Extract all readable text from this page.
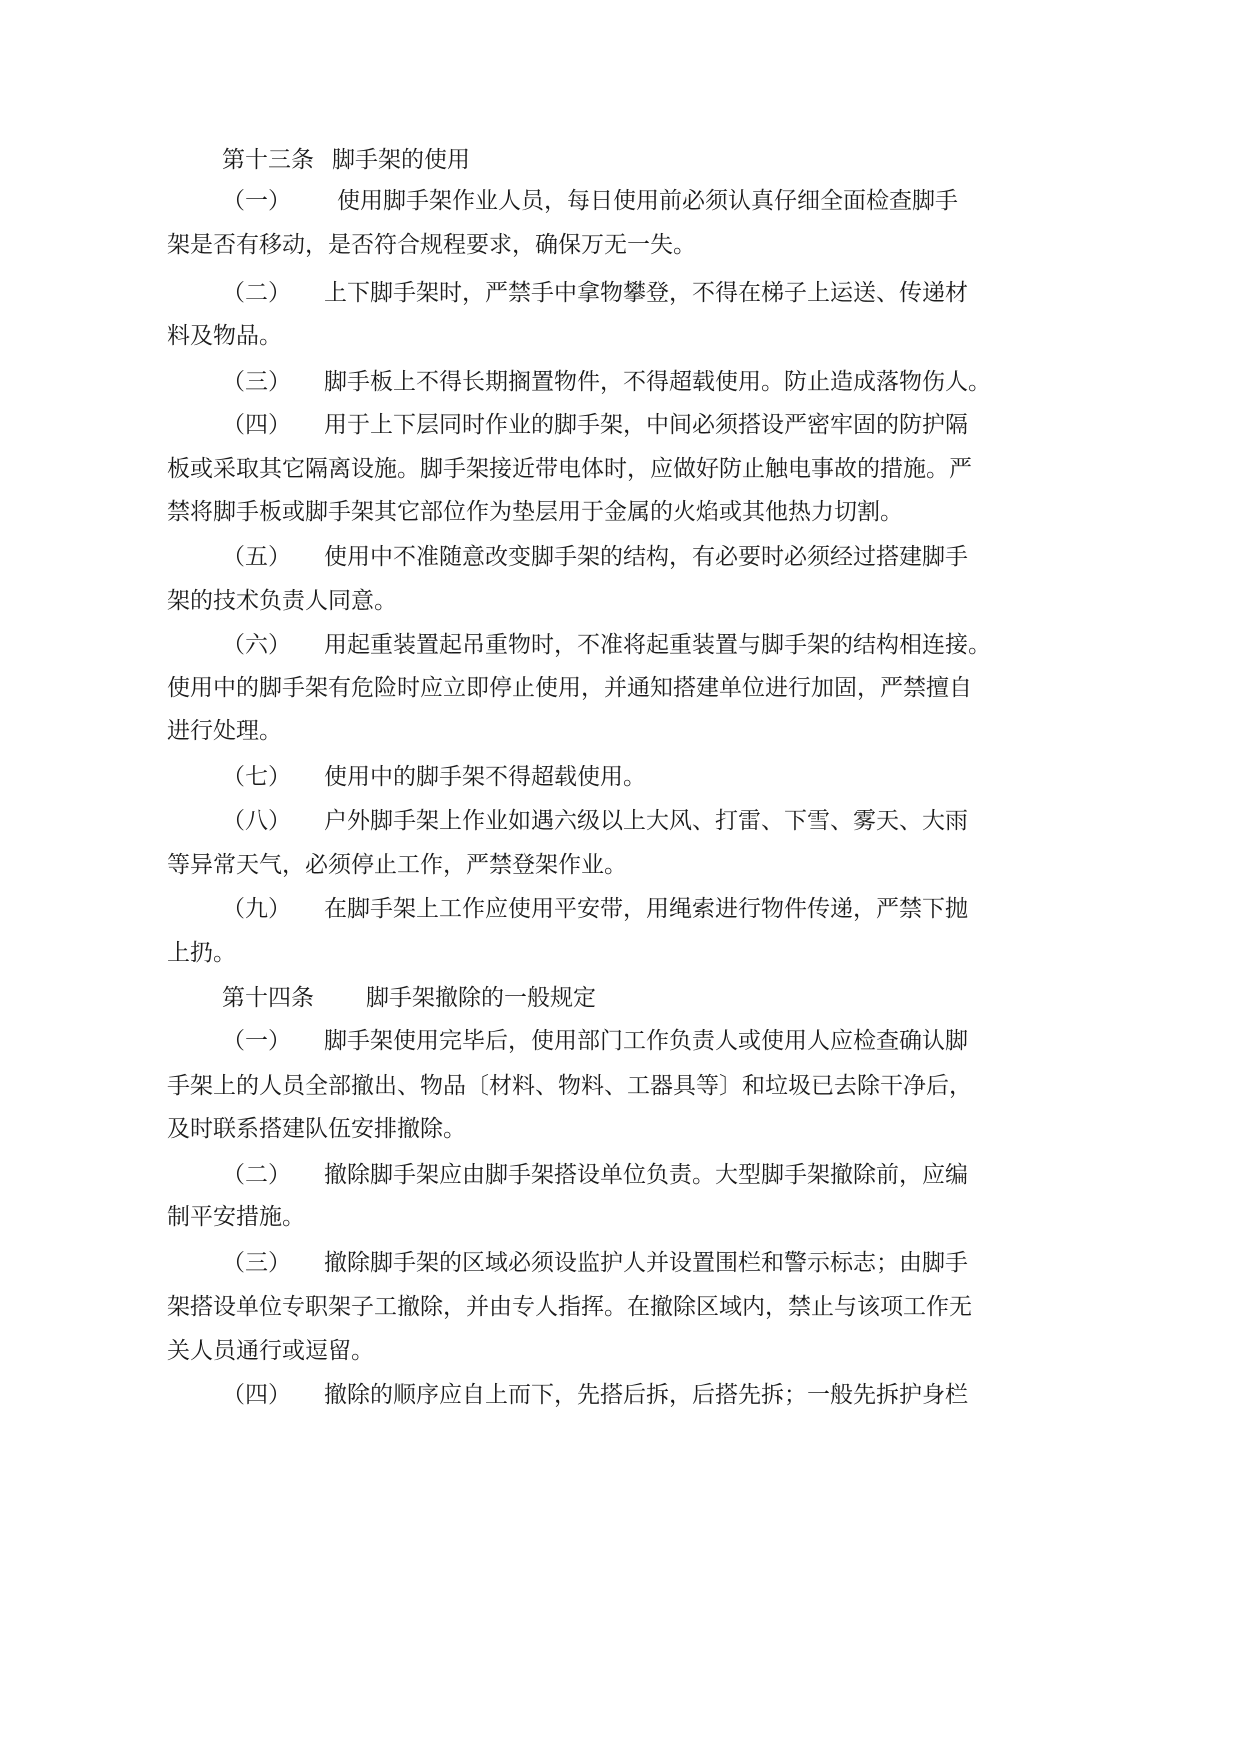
第十三条 脚手架的使用
（一） 使用脚手架作业人员，每日使用前必须认真仔细全面检查脚手
架是否有移动，是否符合规程要求，确保万无一失。
（二） 上下脚手架时，严禁手中拿物攀登，不得在梯子上运送、传递材
料及物品。
（三） 脚手板上不得长期搁置物件，不得超载使用。防止造成落物伤人。
（四） 用于上下层同时作业的脚手架，中间必须搭设严密牢固的防护隔
板或采取其它隔离设施。脚手架接近带电体时，应做好防止触电事故的措施。严
禁将脚手板或脚手架其它部位作为垫层用于金属的火焰或其他热力切割。
（五） 使用中不准随意改变脚手架的结构，有必要时必须经过搭建脚手
架的技术负责人同意。
（六） 用起重装置起吊重物时，不准将起重装置与脚手架的结构相连接。
使用中的脚手架有危险时应立即停止使用，并通知搭建单位进行加固，严禁擅自
进行处理。
（七） 使用中的脚手架不得超载使用。
（八） 户外脚手架上作业如遇六级以上大风、打雷、下雪、雾天、大雨
等异常天气，必须停止工作，严禁登架作业。
（九） 在脚手架上工作应使用平安带，用绳索进行物件传递，严禁下抛
上扔。
第十四条 脚手架撤除的一般规定
（一） 脚手架使用完毕后，使用部门工作负责人或使用人应检查确认脚
手架上的人员全部撤出、物品〔材料、物料、工器具等〕和垃圾已去除干净后，
及时联系搭建队伍安排撤除。
（二） 撤除脚手架应由脚手架搭设单位负责。大型脚手架撤除前，应编
制平安措施。
（三） 撤除脚手架的区域必须设监护人并设置围栏和警示标志；由脚手
架搭设单位专职架子工撤除，并由专人指挥。在撤除区域内，禁止与该项工作无
关人员通行或逗留。
（四） 撤除的顺序应自上而下，先搭后拆，后搭先拆；一般先拆护身栏
